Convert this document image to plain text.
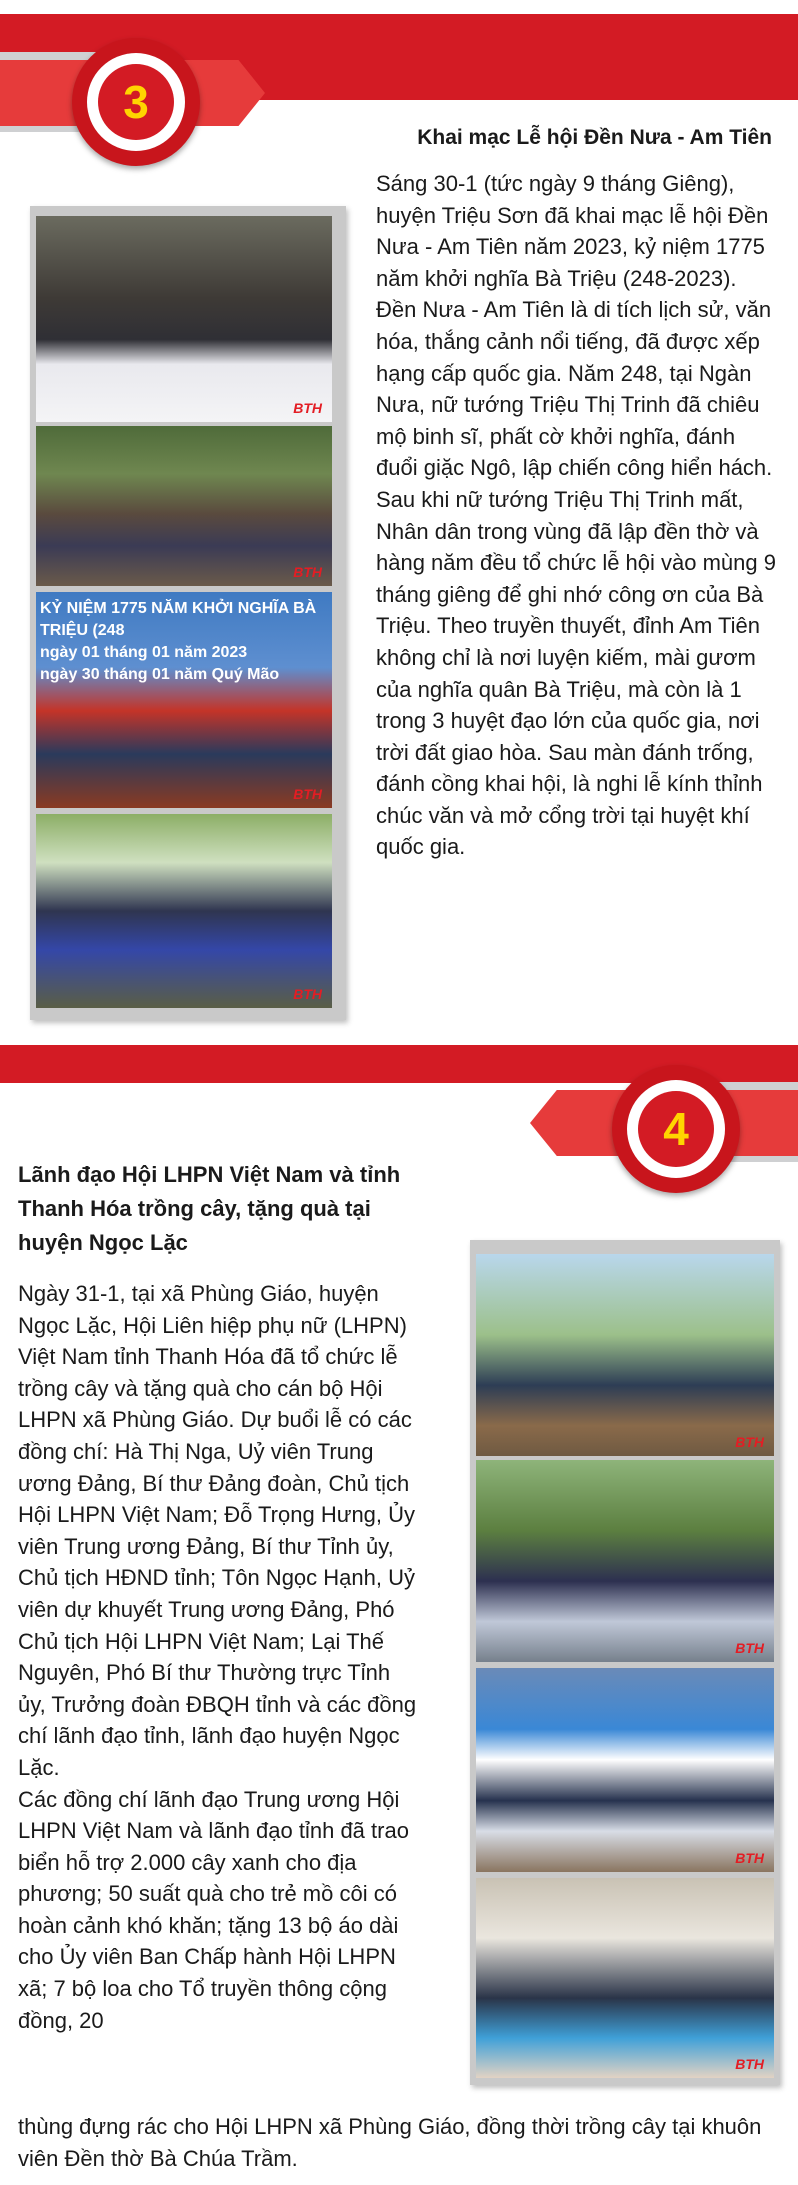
3
Khai mạc Lễ hội Đền Nưa - Am Tiên

Sáng 30-1 (tức ngày 9 tháng Giêng), huyện Triệu Sơn đã khai mạc lễ hội Đền Nưa - Am Tiên năm 2023, kỷ niệm 1775 năm khởi nghĩa Bà Triệu (248-2023).

Đền Nưa - Am Tiên là di tích lịch sử, văn hóa, thắng cảnh nổi tiếng, đã được xếp hạng cấp quốc gia. Năm 248, tại Ngàn Nưa, nữ tướng Triệu Thị Trinh đã chiêu mộ binh sĩ, phất cờ khởi nghĩa, đánh đuổi giặc Ngô, lập chiến công hiển hách. Sau khi nữ tướng Triệu Thị Trinh mất, Nhân dân trong vùng đã lập đền thờ và hàng năm đều tổ chức lễ hội vào mùng 9 tháng giêng để ghi nhớ công ơn của Bà Triệu. Theo truyền thuyết, đỉnh Am Tiên không chỉ là nơi luyện kiếm, mài gươm của nghĩa quân Bà Triệu, mà còn là 1 trong 3 huyệt đạo lớn của quốc gia, nơi trời đất giao hòa. Sau màn đánh trống, đánh cồng khai hội, là nghi lễ kính thỉnh chúc văn và mở cổng trời tại huyệt khí quốc gia.

BTH
BTH
KỶ NIỆM 1775 NĂM KHỞI NGHĨA BÀ TRIỆU (248
ngày 01 tháng 01 năm 2023
ngày 30 tháng 01 năm Quý Mão
BTH
BTH
4
Lãnh đạo Hội LHPN Việt Nam và tỉnh Thanh Hóa trồng cây, tặng quà tại huyện Ngọc Lặc

Ngày 31-1, tại xã Phùng Giáo, huyện Ngọc Lặc, Hội Liên hiệp phụ nữ (LHPN) Việt Nam tỉnh Thanh Hóa đã tổ chức lễ trồng cây và tặng quà cho cán bộ Hội LHPN xã Phùng Giáo. Dự buổi lễ có các đồng chí: Hà Thị Nga, Uỷ viên Trung ương Đảng, Bí thư Đảng đoàn, Chủ tịch Hội LHPN Việt Nam; Đỗ Trọng Hưng, Ủy viên Trung ương Đảng, Bí thư Tỉnh ủy, Chủ tịch HĐND tỉnh; Tôn Ngọc Hạnh, Uỷ viên dự khuyết Trung ương Đảng, Phó Chủ tịch Hội LHPN Việt Nam; Lại Thế Nguyên, Phó Bí thư Thường trực Tỉnh ủy, Trưởng đoàn ĐBQH tỉnh và các đồng chí lãnh đạo tỉnh, lãnh đạo huyện Ngọc Lặc.

Các đồng chí lãnh đạo Trung ương Hội LHPN Việt Nam và lãnh đạo tỉnh đã trao biển hỗ trợ 2.000 cây xanh cho địa phương; 50 suất quà cho trẻ mồ côi có hoàn cảnh khó khăn; tặng 13 bộ áo dài cho Ủy viên Ban Chấp hành Hội LHPN xã; 7 bộ loa cho Tổ truyền thông cộng đồng, 20

thùng đựng rác cho Hội LHPN xã Phùng Giáo, đồng thời trồng cây tại khuôn viên Đền thờ Bà Chúa Trầm.
BTH
BTH
BTH
BTH
